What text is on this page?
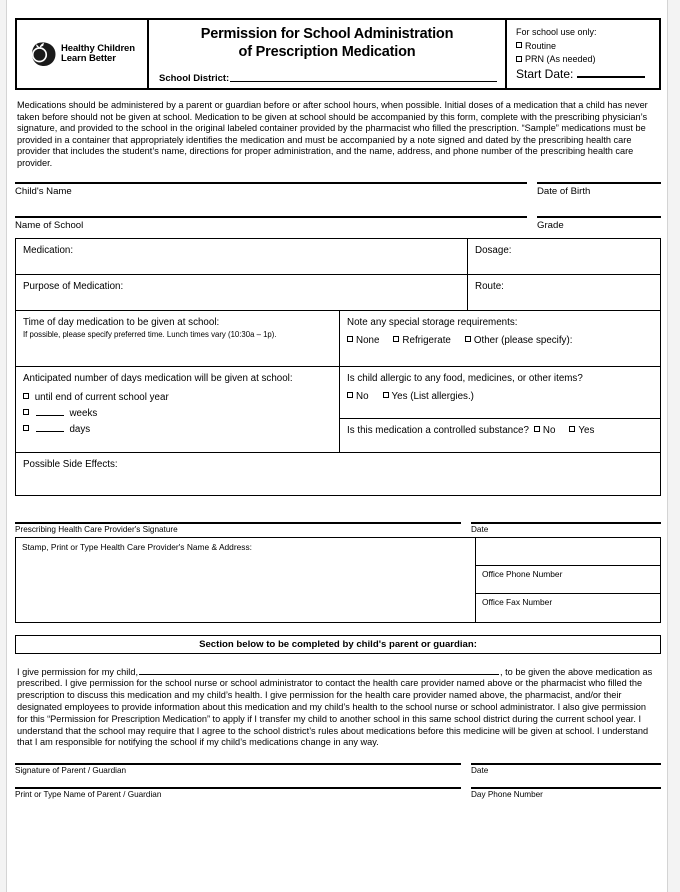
Healthy Children
Learn Better
Permission for School Administration
of Prescription Medication
School District:
For school use only:
Routine
PRN (As needed)
Start Date:
Medications should be administered by a parent or guardian before or after school hours, when possible. Initial doses of a medication that a child has never taken before should not be given at school. Medication to be given at school should be accompanied by this form, complete with the prescribing physician’s signature, and provided to the school in the original labeled container provided by the pharmacist who filled the prescription. “Sample” medications must be provided in a container that appropriately identifies the medication and must be accompanied by a note signed and dated by the prescribing health care provider that includes the student’s name, directions for proper administration, and the name, address, and phone number of the prescribing health care provider.
Child's Name	Date of Birth
Name of School	Grade
Medication:	Dosage:
Purpose of Medication:	Route:
Time of day medication to be given at school:
If possible, please specify preferred time. Lunch times vary (10:30a – 1p).
Note any special storage requirements:
None	Refrigerate	Other (please specify):
Anticipated number of days medication will be given at school:
until end of current school year
weeks
days
Is child allergic to any food, medicines, or other items?
No	Yes (List allergies.)
Is this medication a controlled substance?	No	Yes
Possible Side Effects:
Prescribing Health Care Provider's Signature	Date
Stamp, Print or Type Health Care Provider's Name & Address:
Office Phone Number
Office Fax Number
Section below to be completed by child's parent or guardian:
I give permission for my child,	, to be given the above medication as prescribed. I give permission for the school nurse or school administrator to contact the health care provider named above or the pharmacist who filled the prescription to discuss this medication and my child’s health. I give permission for the health care provider named above, the pharmacist, and/or their designated employees to provide information about this medication and my child’s health to the school nurse or school administrator. I also give permission for this “Permission for Prescription Medication” to apply if I transfer my child to another school in this same school district during the current school year. I understand that the school may require that I agree to the school district’s rules about medications before this medicine will be given at school. I understand that I am responsible for notifying the school if my child’s medications change in any way.
Signature of Parent / Guardian	Date
Print or Type Name of Parent / Guardian	Day Phone Number
